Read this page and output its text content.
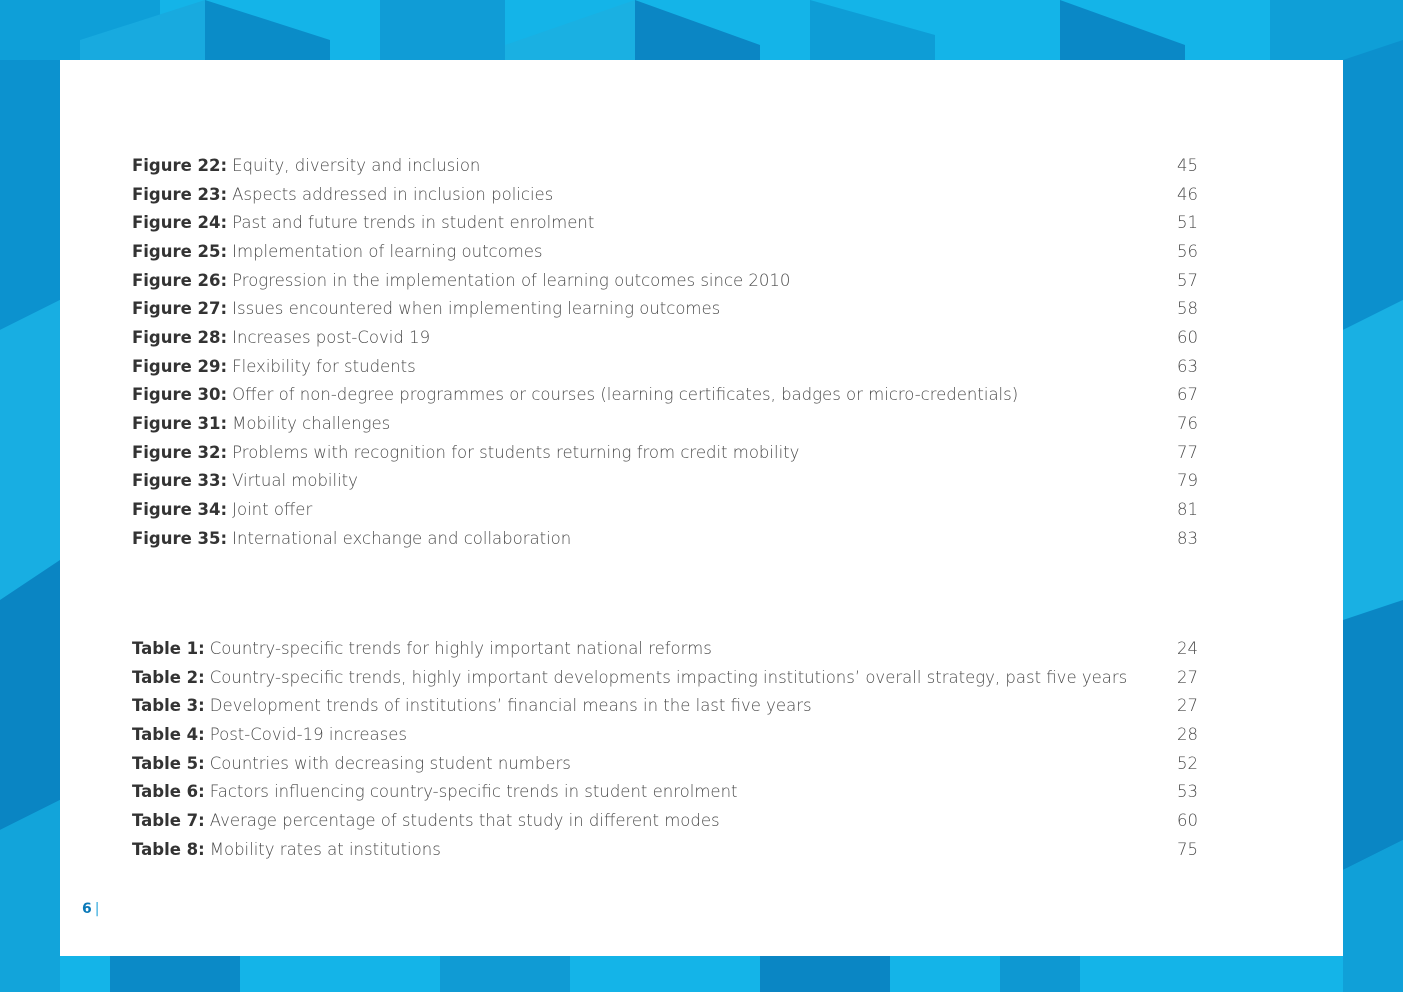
Figure 22: Equity, diversity and inclusion	45
Figure 23: Aspects addressed in inclusion policies	46
Figure 24: Past and future trends in student enrolment	51
Figure 25: Implementation of learning outcomes	56
Figure 26: Progression in the implementation of learning outcomes since 2010	57
Figure 27: Issues encountered when implementing learning outcomes	58
Figure 28: Increases post-Covid 19	60
Figure 29: Flexibility for students	63
Figure 30: Offer of non-degree programmes or courses (learning certificates, badges or micro-credentials)	67
Figure 31: Mobility challenges	76
Figure 32: Problems with recognition for students returning from credit mobility	77
Figure 33: Virtual mobility	79
Figure 34: Joint offer	81
Figure 35: International exchange and collaboration	83
Table 1: Country-specific trends for highly important national reforms	24
Table 2: Country-specific trends, highly important developments impacting institutions’ overall strategy, past five years	27
Table 3: Development trends of institutions’ financial means in the last five years	27
Table 4: Post-Covid-19 increases	28
Table 5: Countries with decreasing student numbers	52
Table 6: Factors influencing country-specific trends in student enrolment	53
Table 7: Average percentage of students that study in different modes	60
Table 8: Mobility rates at institutions	75
6 |
